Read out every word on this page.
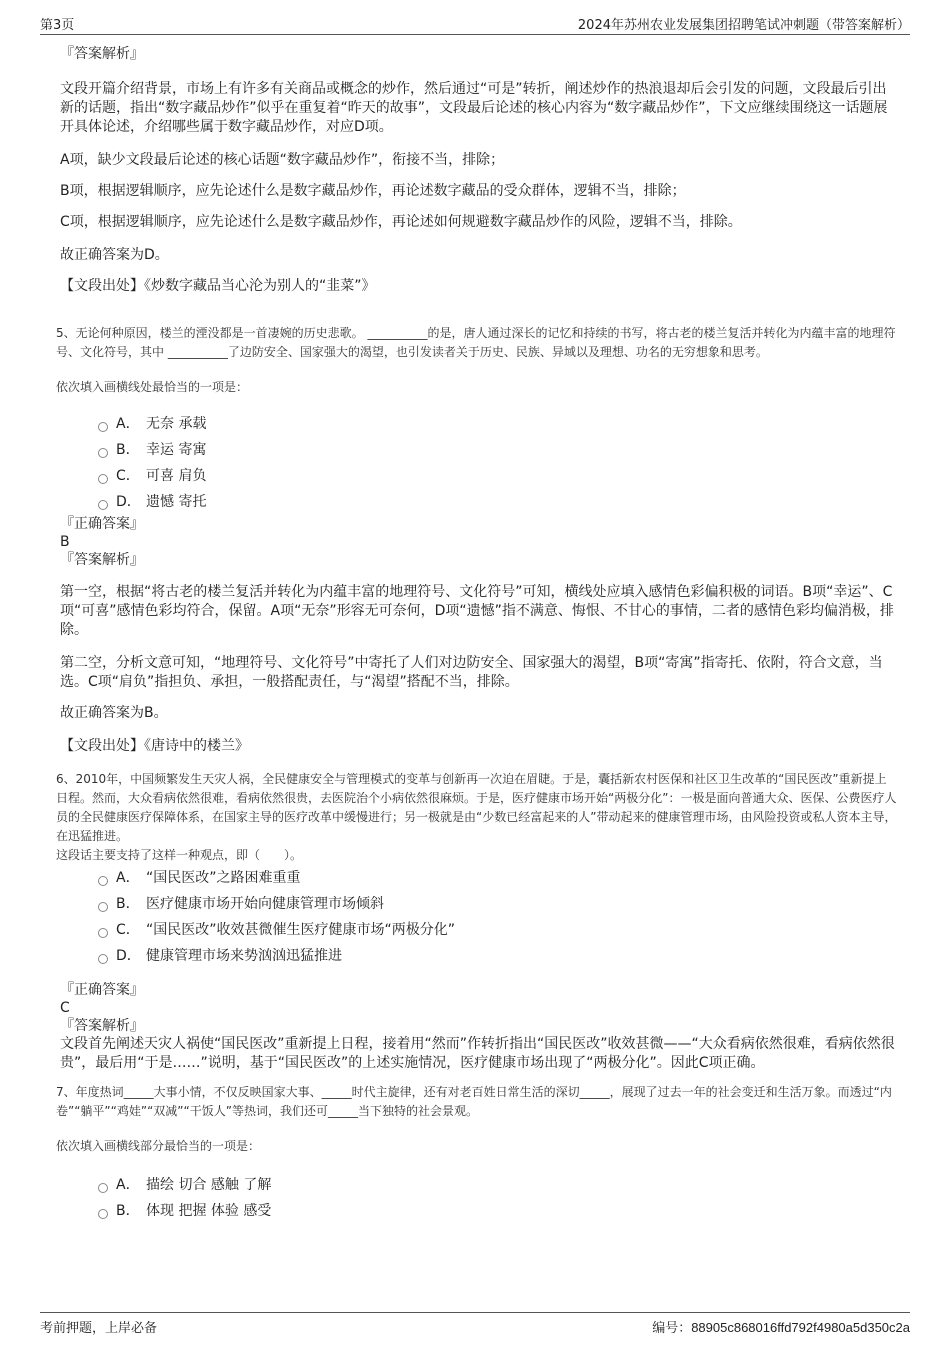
第3页	2024年苏州农业发展集团招聘笔试冲刺题（带答案解析）
『答案解析』
文段开篇介绍背景，市场上有许多有关商品或概念的炒作，然后通过“可是”转折，阐述炒作的热浪退却后会引发的问题，文段最后引出新的话题，指出“数字藏品炒作”似乎在重复着“昨天的故事”，文段最后论述的核心内容为“数字藏品炒作”，下文应继续围绕这一话题展开具体论述，介绍哪些属于数字藏品炒作，对应D项。
A项，缺少文段最后论述的核心话题“数字藏品炒作”，衔接不当，排除；
B项，根据逻辑顺序，应先论述什么是数字藏品炒作，再论述数字藏品的受众群体，逻辑不当，排除；
C项，根据逻辑顺序，应先论述什么是数字藏品炒作，再论述如何规避数字藏品炒作的风险，逻辑不当，排除。
故正确答案为D。
【文段出处】《炒数字藏品当心沦为别人的“韭菜”》
5、无论何种原因，楼兰的湮没都是一首凄婉的历史悲歌。 __________的是，唐人通过深长的记忆和持续的书写，将古老的楼兰复活并转化为内蕴丰富的地理符号、文化符号，其中 __________了边防安全、国家强大的渴望，也引发读者关于历史、民族、异域以及理想、功名的无穷想象和思考。
依次填入画横线处最恰当的一项是：
A． 无奈 承载
B． 幸运 寄寓
C． 可喜 肩负
D． 遗憾 寄托
『正确答案』
B
『答案解析』
第一空，根据“将古老的楼兰复活并转化为内蕴丰富的地理符号、文化符号”可知，横线处应填入感情色彩偏积极的词语。B项“幸运”、C项“可喜”感情色彩均符合，保留。A项“无奈”形容无可奈何，D项“遗憾”指不满意、悔恨、不甘心的事情，二者的感情色彩均偏消极，排除。
第二空，分析文意可知，“地理符号、文化符号”中寄托了人们对边防安全、国家强大的渴望，B项“寄寓”指寄托、依附，符合文意，当选。C项“肩负”指担负、承担，一般搭配责任，与“渴望”搭配不当，排除。
故正确答案为B。
【文段出处】《唐诗中的楼兰》
6、2010年，中国频繁发生天灾人祸，全民健康安全与管理模式的变革与创新再一次迫在眉睫。于是，囊括新农村医保和社区卫生改革的“国民医改”重新提上日程。然而，大众看病依然很难，看病依然很贵，去医院治个小病依然很麻烦。于是，医疗健康市场开始“两极分化”：一极是面向普通大众、医保、公费医疗人员的全民健康医疗保障体系，在国家主导的医疗改革中缓慢进行；另一极就是由“少数已经富起来的人”带动起来的健康管理市场，由风险投资或私人资本主导，在迅猛推进。
这段话主要支持了这样一种观点，即（　　）。
A． “国民医改”之路困难重重
B． 医疗健康市场开始向健康管理市场倾斜
C． “国民医改”收效甚微催生医疗健康市场“两极分化”
D． 健康管理市场来势汹汹迅猛推进
『正确答案』
C
『答案解析』
文段首先阐述天灾人祸使“国民医改”重新提上日程，接着用“然而”作转折指出“国民医改”收效甚微——“大众看病依然很难，看病依然很贵”，最后用“于是……”说明，基于“国民医改”的上述实施情况，医疗健康市场出现了“两极分化”。因此C项正确。
7、年度热词_____大事小情，不仅反映国家大事、_____时代主旋律，还有对老百姓日常生活的深切_____，展现了过去一年的社会变迁和生活万象。而透过“内卷”“躺平”“鸡娃”“双减”“干饭人”等热词，我们还可_____当下独特的社会景观。
依次填入画横线部分最恰当的一项是：
A． 描绘 切合 感触 了解
B． 体现 把握 体验 感受
考前押题，上岸必备	编号：88905c868016ffd792f4980a5d350c2a
